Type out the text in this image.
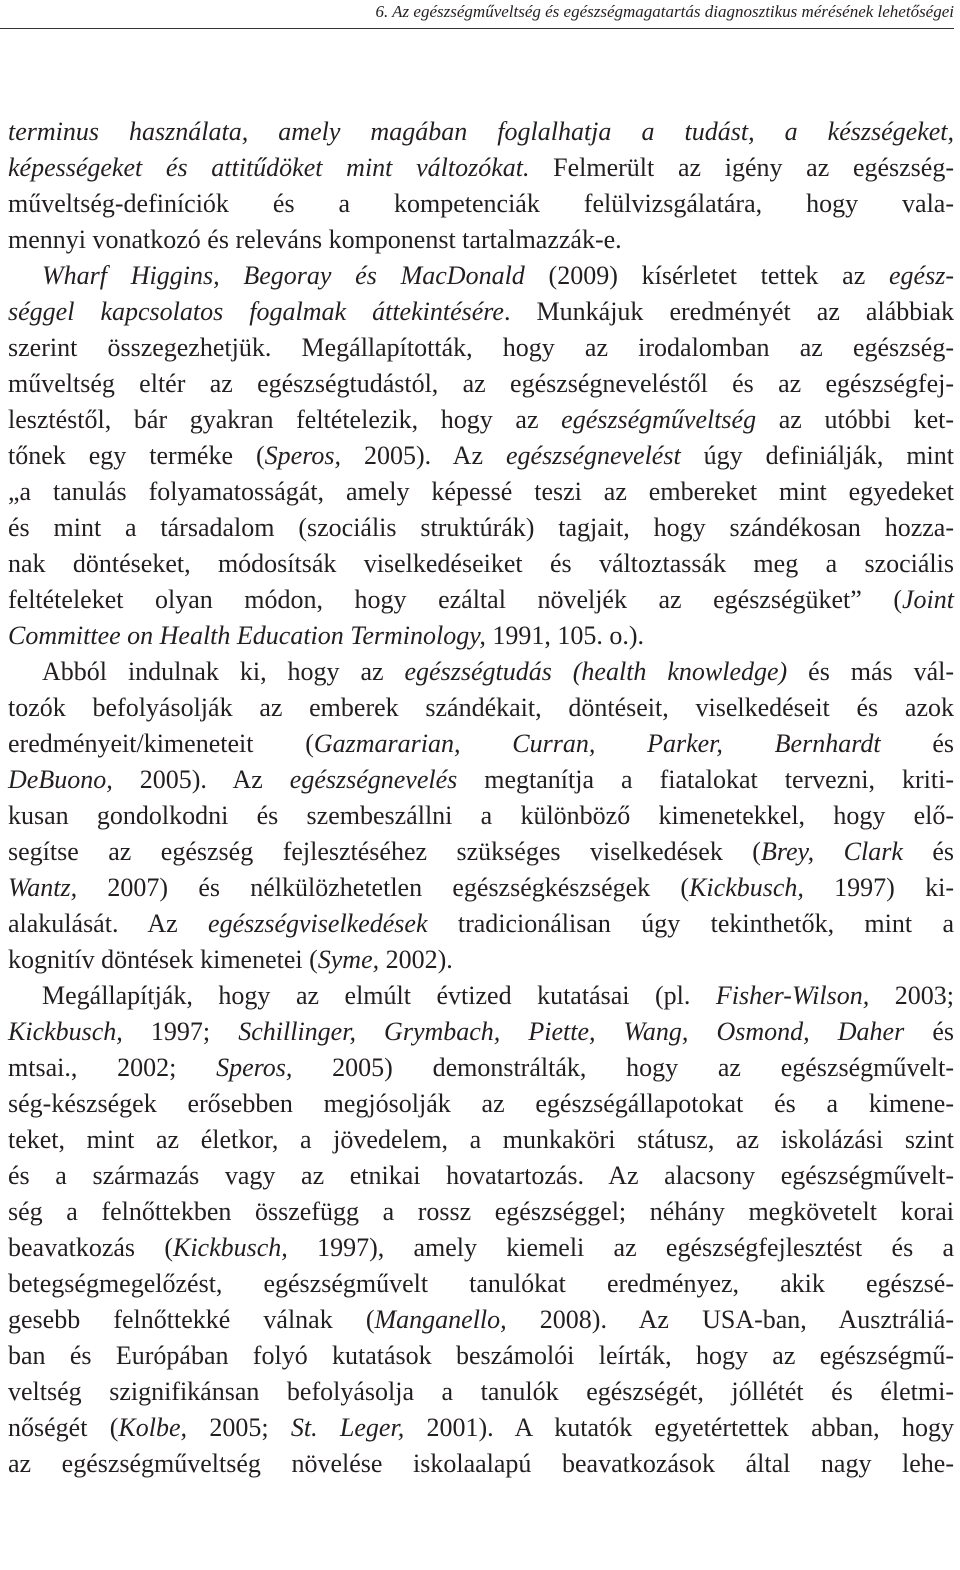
6. Az egészségműveltség és egészségmagatartás diagnosztikus mérésének lehetőségei

terminus használata, amely magában foglalhatja a tudást, a készségeket,

képességeket és attitűdöket mint változókat. Felmerült az igény az egészség-

műveltség-definíciók és a kompetenciák felülvizsgálatára, hogy vala-

mennyi vonatkozó és releváns komponenst tartalmazzák-e.

Wharf Higgins, Begoray és MacDonald (2009) kísérletet tettek az egész-

séggel kapcsolatos fogalmak áttekintésére. Munkájuk eredményét az alábbiak

szerint összegezhetjük. Megállapították, hogy az irodalomban az egészség-

műveltség eltér az egészségtudástól, az egészségneveléstől és az egészségfej-

lesztéstől, bár gyakran feltételezik, hogy az egészségműveltség az utóbbi ket-

tőnek egy terméke (Speros, 2005). Az egészségnevelést úgy definiálják, mint

„a tanulás folyamatosságát, amely képessé teszi az embereket mint egyedeket

és mint a társadalom (szociális struktúrák) tagjait, hogy szándékosan hozza-

nak döntéseket, módosítsák viselkedéseiket és változtassák meg a szociális

feltételeket olyan módon, hogy ezáltal növeljék az egészségüket” (Joint

Committee on Health Education Terminology, 1991, 105. o.).

Abból indulnak ki, hogy az egészségtudás (health knowledge) és más vál-

tozók befolyásolják az emberek szándékait, döntéseit, viselkedéseit és azok

eredményeit/kimeneteit (Gazmararian, Curran, Parker, Bernhardt és

DeBuono, 2005). Az egészségnevelés megtanítja a fiatalokat tervezni, kriti-

kusan gondolkodni és szembeszállni a különböző kimenetekkel, hogy elő-

segítse az egészség fejlesztéséhez szükséges viselkedések (Brey, Clark és

Wantz, 2007) és nélkülözhetetlen egészségkészségek (Kickbusch, 1997) ki-

alakulását. Az egészségviselkedések tradicionálisan úgy tekinthetők, mint a

kognitív döntések kimenetei (Syme, 2002).

Megállapítják, hogy az elmúlt évtized kutatásai (pl. Fisher-Wilson, 2003;

Kickbusch, 1997; Schillinger, Grymbach, Piette, Wang, Osmond, Daher és

mtsai., 2002; Speros, 2005) demonstrálták, hogy az egészségművelt-

ség-készségek erősebben megjósolják az egészségállapotokat és a kimene-

teket, mint az életkor, a jövedelem, a munkaköri státusz, az iskolázási szint

és a származás vagy az etnikai hovatartozás. Az alacsony egészségművelt-

ség a felnőttekben összefügg a rossz egészséggel; néhány megkövetelt korai

beavatkozás (Kickbusch, 1997), amely kiemeli az egészségfejlesztést és a

betegségmegelőzést, egészségművelt tanulókat eredményez, akik egészsé-

gesebb felnőttekké válnak (Manganello, 2008). Az USA-ban, Ausztráliá-

ban és Európában folyó kutatások beszámolói leírták, hogy az egészségmű-

veltség szignifikánsan befolyásolja a tanulók egészségét, jóllétét és életmi-

nőségét (Kolbe, 2005; St. Leger, 2001). A kutatók egyetértettek abban, hogy

az egészségműveltség növelése iskolaalapú beavatkozások által nagy lehe-
